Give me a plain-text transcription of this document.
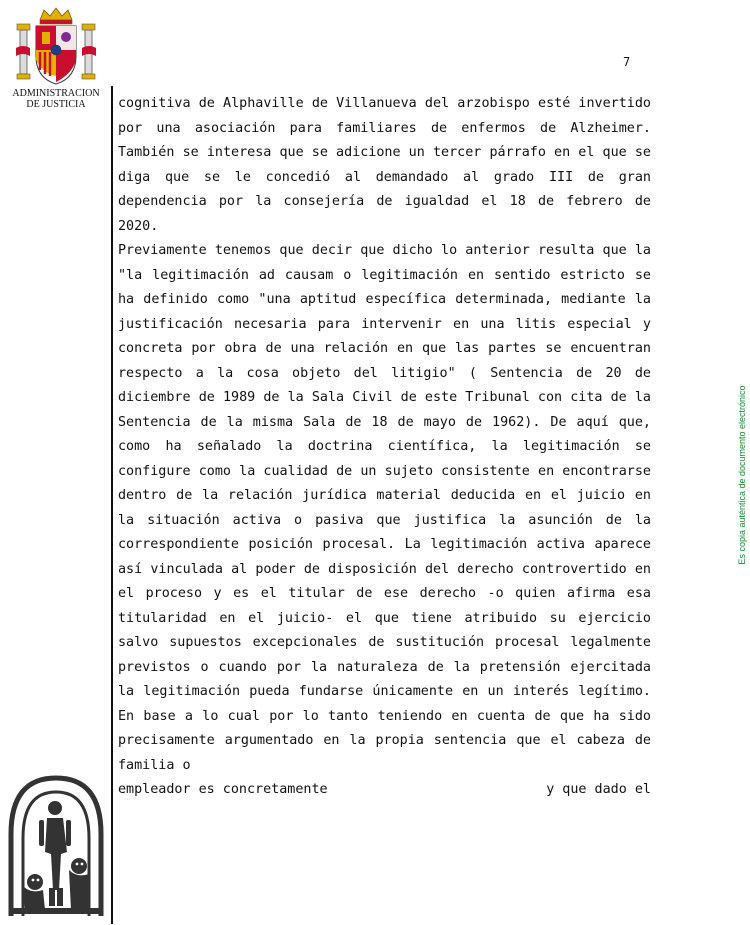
ADMINISTRACION
DE JUSTICIA
7

cognitiva de Alphaville de Villanueva del arzobispo esté invertido por una asociación para familiares de enfermos de Alzheimer. También se interesa que se adicione un tercer párrafo en el que se diga que se le concedió al demandado al grado III de gran dependencia por la consejería de igualdad el 18 de febrero de 2020.

Previamente tenemos que decir que dicho lo anterior resulta que la "la legitimación ad causam o legitimación en sentido estricto se ha definido como "una aptitud específica determinada, mediante la justificación necesaria para intervenir en una litis especial y concreta por obra de una relación en que las partes se encuentran respecto a la cosa objeto del litigio" ( Sentencia de 20 de diciembre de 1989 de la Sala Civil de este Tribunal con cita de la Sentencia de la misma Sala de 18 de mayo de 1962). De aquí que, como ha señalado la doctrina científica, la legitimación se configure como la cualidad de un sujeto consistente en encontrarse dentro de la relación jurídica material deducida en el juicio en la situación activa o pasiva que justifica la asunción de la correspondiente posición procesal. La legitimación activa aparece así vinculada al poder de disposición del derecho controvertido en el proceso y es el titular de ese derecho -o quien afirma esa titularidad en el juicio- el que tiene atribuido su ejercicio salvo supuestos excepcionales de sustitución procesal legalmente previstos o cuando por la naturaleza de la pretensión ejercitada la legitimación pueda fundarse únicamente en un interés legítimo. En base a lo cual por lo tanto teniendo en cuenta de que ha sido precisamente argumentado en la propia sentencia que el cabeza de familia o

empleador es concretamente	y que dado el

Es copia auténtica de documento electrónico
